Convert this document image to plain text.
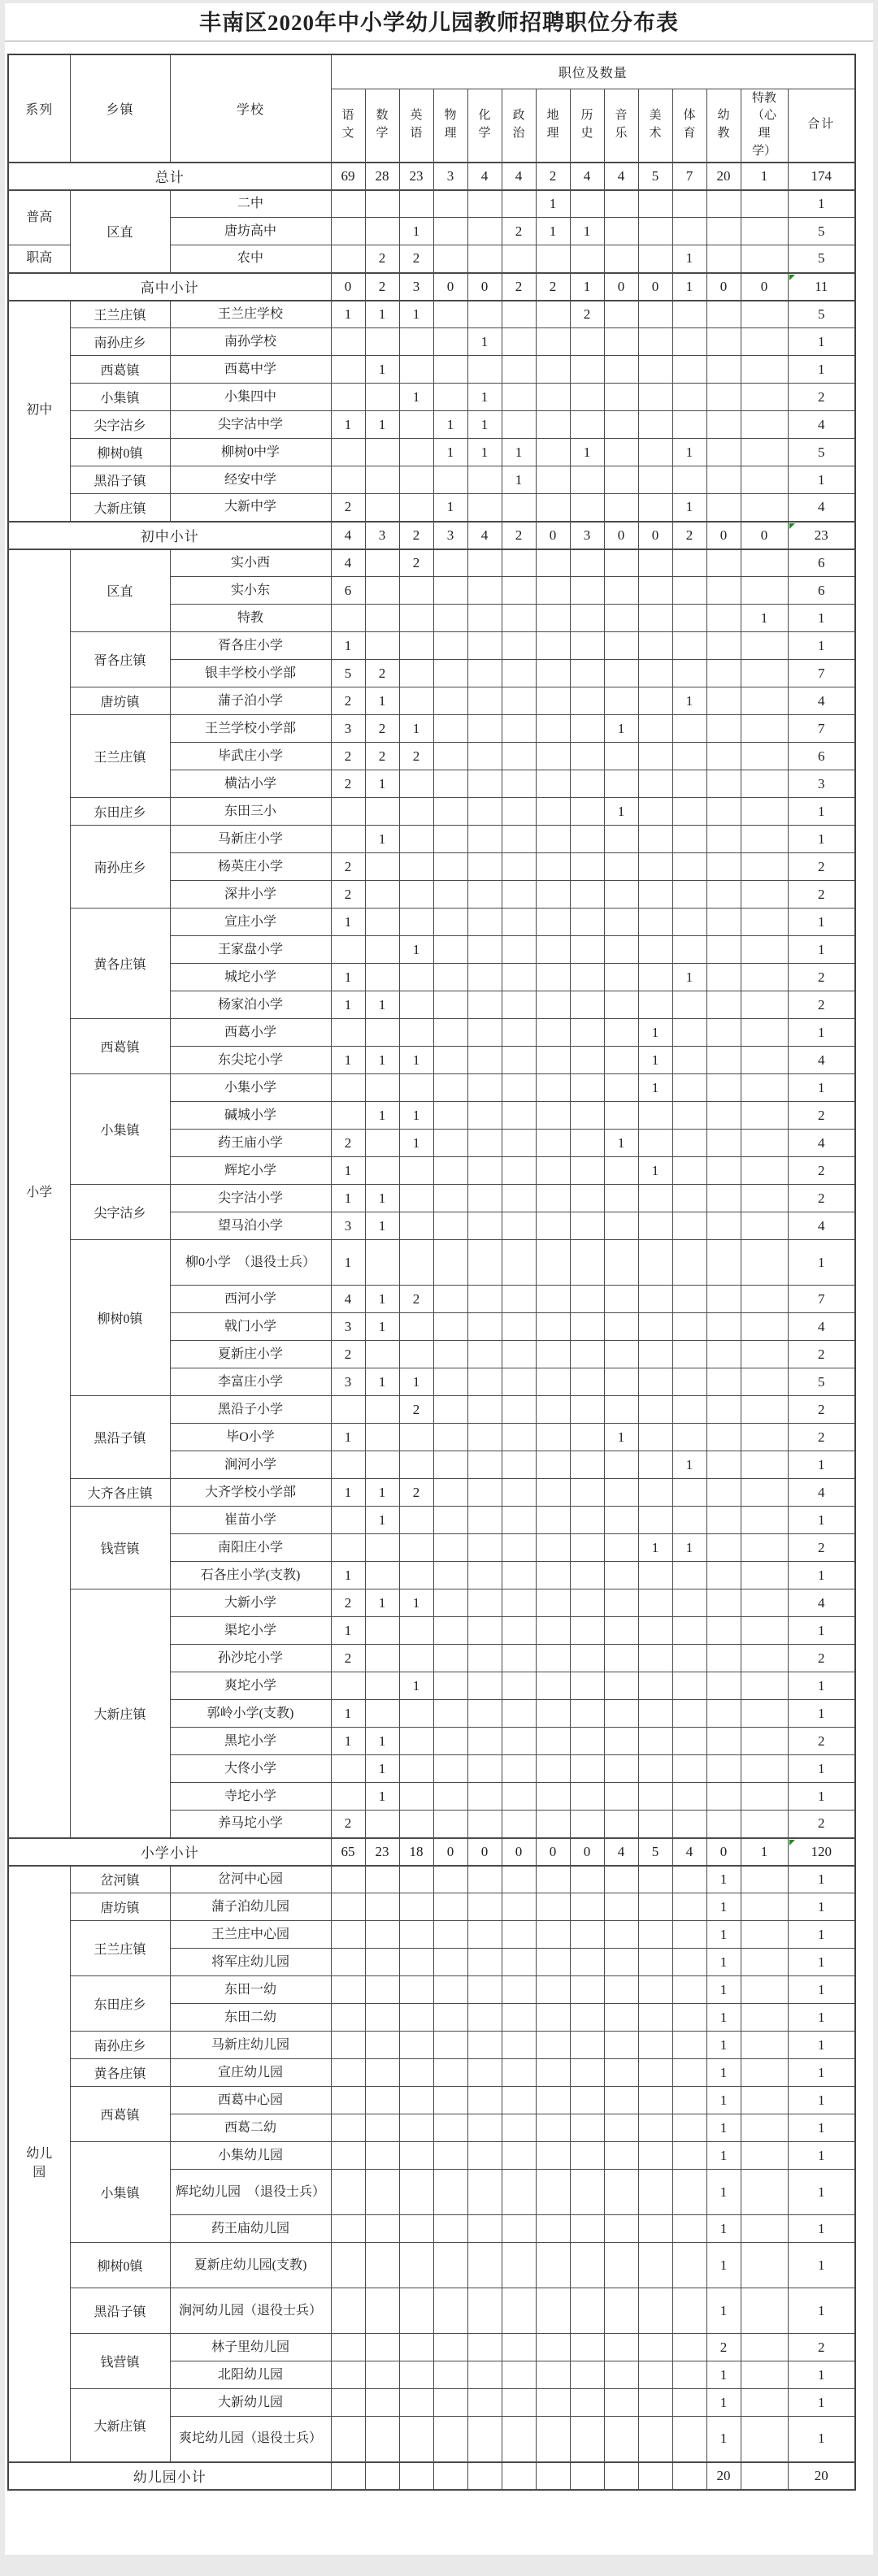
丰南区2020年中小学幼儿园教师招聘职位分布表
系列	乡镇	学校	职位及数量													
			语文	数学	英语	物理	化学	政治	地理	历史	音乐	美术	体育	幼教	特教（心理学）	合计
总计			69	28	23	3	4	4	2	4	4	5	7	20	1	174
普高	区直	二中							1							1
		唐坊高中			1			2	1	1						5
职高		农中		2	2								1			5
高中小计			0	2	3	0	0	2	2	1	0	0	1	0	0	11

初中	王兰庄镇	王兰庄学校	1	1	1					2						5
	南孙庄乡	南孙学校					1									1
	西葛镇	西葛中学		1												1
	小集镇	小集四中			1		1									2
	尖字沽乡	尖字沽中学	1	1		1	1									4
	柳树0镇	柳树0中学				1	1	1		1			1			5
	黑沿子镇	经安中学						1								1
	大新庄镇	大新中学	2			1							1			4
初中小计			4	3	2	3	4	2	0	3	0	0	2	0	0	23

小学	区直	实小西	4		2											6
		实小东	6													6
		特教													1	1
	胥各庄镇	胥各庄小学	1													1
		银丰学校小学部	5	2												7
	唐坊镇	蒲子泊小学	2	1									1			4
	王兰庄镇	王兰学校小学部	3	2	1						1					7
		毕武庄小学	2	2	2											6
		横沽小学	2	1												3
	东田庄乡	东田三小									1					1
	南孙庄乡	马新庄小学		1												1
		杨英庄小学	2													2
		深井小学	2													2
	黄各庄镇	宣庄小学	1													1
		王家盘小学			1											1
		城坨小学	1										1			2
		杨家泊小学	1	1												2
	西葛镇	西葛小学										1				1
		东尖坨小学	1	1	1							1				4
	小集镇	小集小学										1				1
		碱城小学		1	1											2
		药王庙小学	2		1						1					4
		辉坨小学	1									1				2
	尖字沽乡	尖字沽小学	1	1												2
		望马泊小学	3	1												4
	柳树0镇	柳0小学　（退役士兵）	1													1
		西河小学	4	1	2											7
		戟门小学	3	1												4
		夏新庄小学	2													2
		李富庄小学	3	1	1											5
	黑沿子镇	黑沿子小学			2											2
		毕O小学	1								1					2
		涧河小学											1			1
	大齐各庄镇	大齐学校小学部	1	1	2											4
	钱营镇	崔苗小学		1												1
		南阳庄小学										1	1			2
		石各庄小学(支教)	1													1
	大新庄镇	大新小学	2	1	1											4
		渠坨小学	1													1
		孙沙坨小学	2													2
		爽坨小学			1											1
		郭岭小学(支教)	1													1
		黑坨小学	1	1												2
		大佟小学		1												1
		寺坨小学		1												1
		养马坨小学	2													2
小学小计			65	23	18	0	0	0	0	0	4	5	4	0	1	120

幼儿园	岔河镇	岔河中心园												1		1
	唐坊镇	蒲子泊幼儿园												1		1
	王兰庄镇	王兰庄中心园												1		1
		将军庄幼儿园												1		1
	东田庄乡	东田一幼												1		1
		东田二幼												1		1
	南孙庄乡	马新庄幼儿园												1		1
	黄各庄镇	宣庄幼儿园												1		1
	西葛镇	西葛中心园												1		1
		西葛二幼												1		1
	小集镇	小集幼儿园												1		1
		辉坨幼儿园　（退役士兵）												1		1
		药王庙幼儿园												1		1
	柳树0镇	夏新庄幼儿园(支教)												1		1
	黑沿子镇	涧河幼儿园（退役士兵）												1		1
	钱营镇	林子里幼儿园												2		2
		北阳幼儿园												1		1
	大新庄镇	大新幼儿园												1		1
		爽坨幼儿园（退役士兵）												1		1
幼儿园小计														20		20
